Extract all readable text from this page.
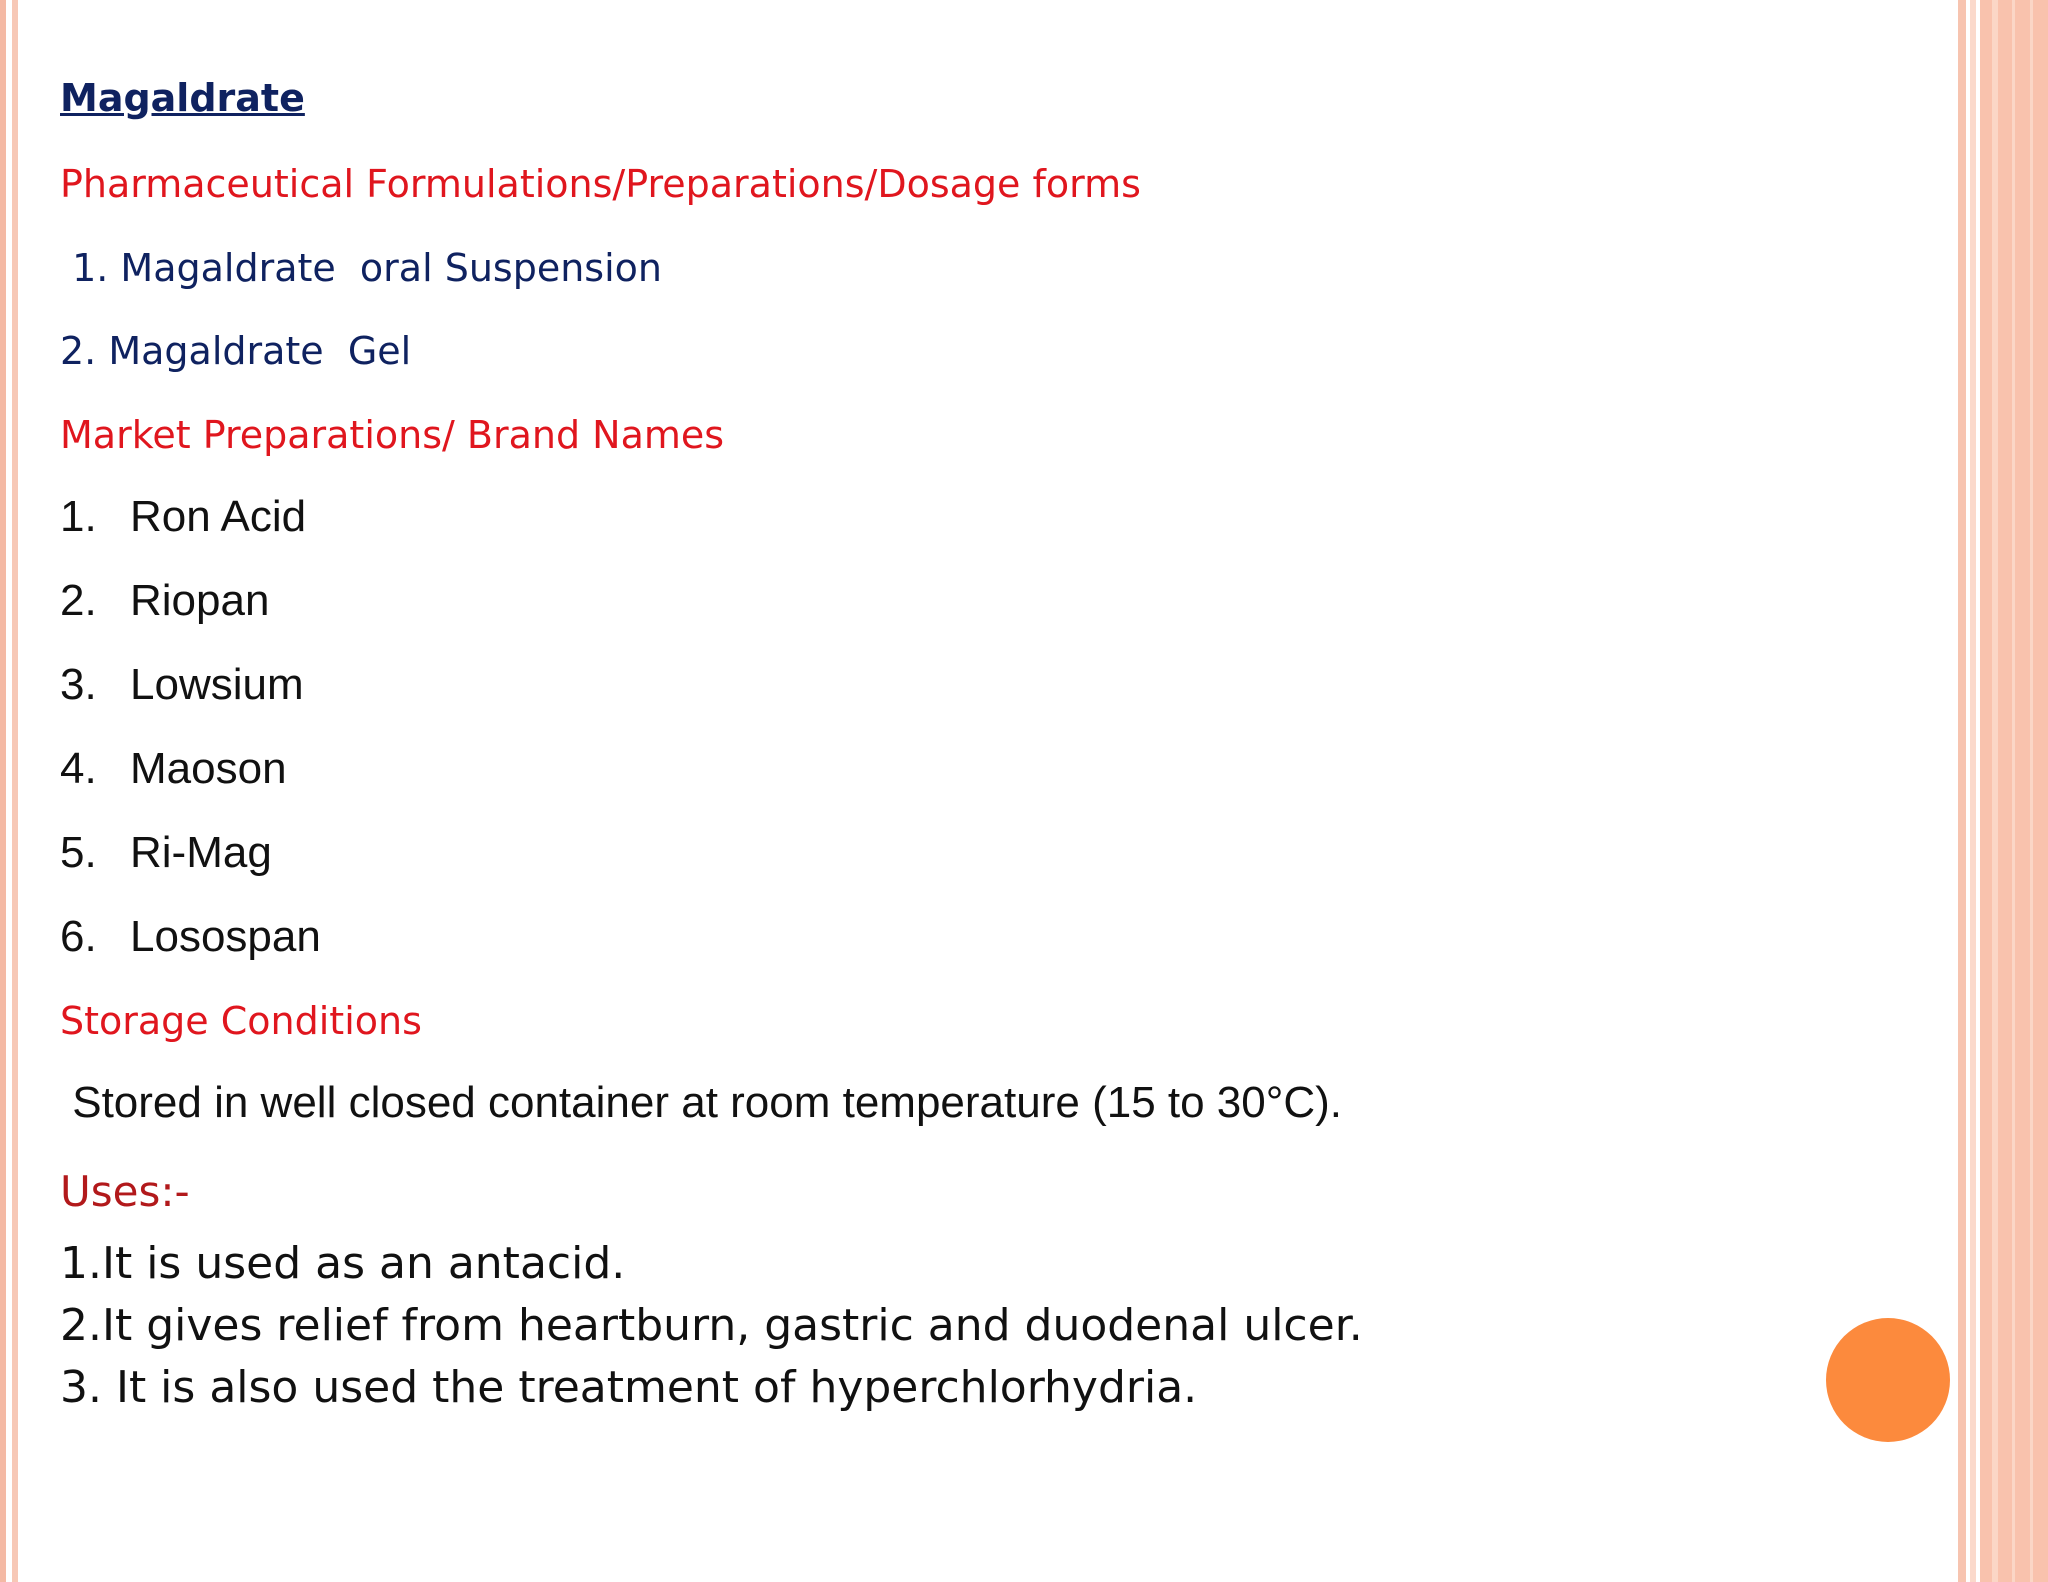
Magaldrate
Pharmaceutical Formulations/Preparations/Dosage forms
1. Magaldrate  oral Suspension
2. Magaldrate  Gel
Market Preparations/ Brand Names
1. Ron Acid
2. Riopan
3. Lowsium
4. Maoson
5. Ri-Mag
6. Losospan
Storage Conditions
Stored in well closed container at room temperature (15 to 30°C).
Uses:-
1.It is used as an antacid.
2.It gives relief from heartburn, gastric and duodenal ulcer.
3. It is also used the treatment of hyperchlorhydria.
